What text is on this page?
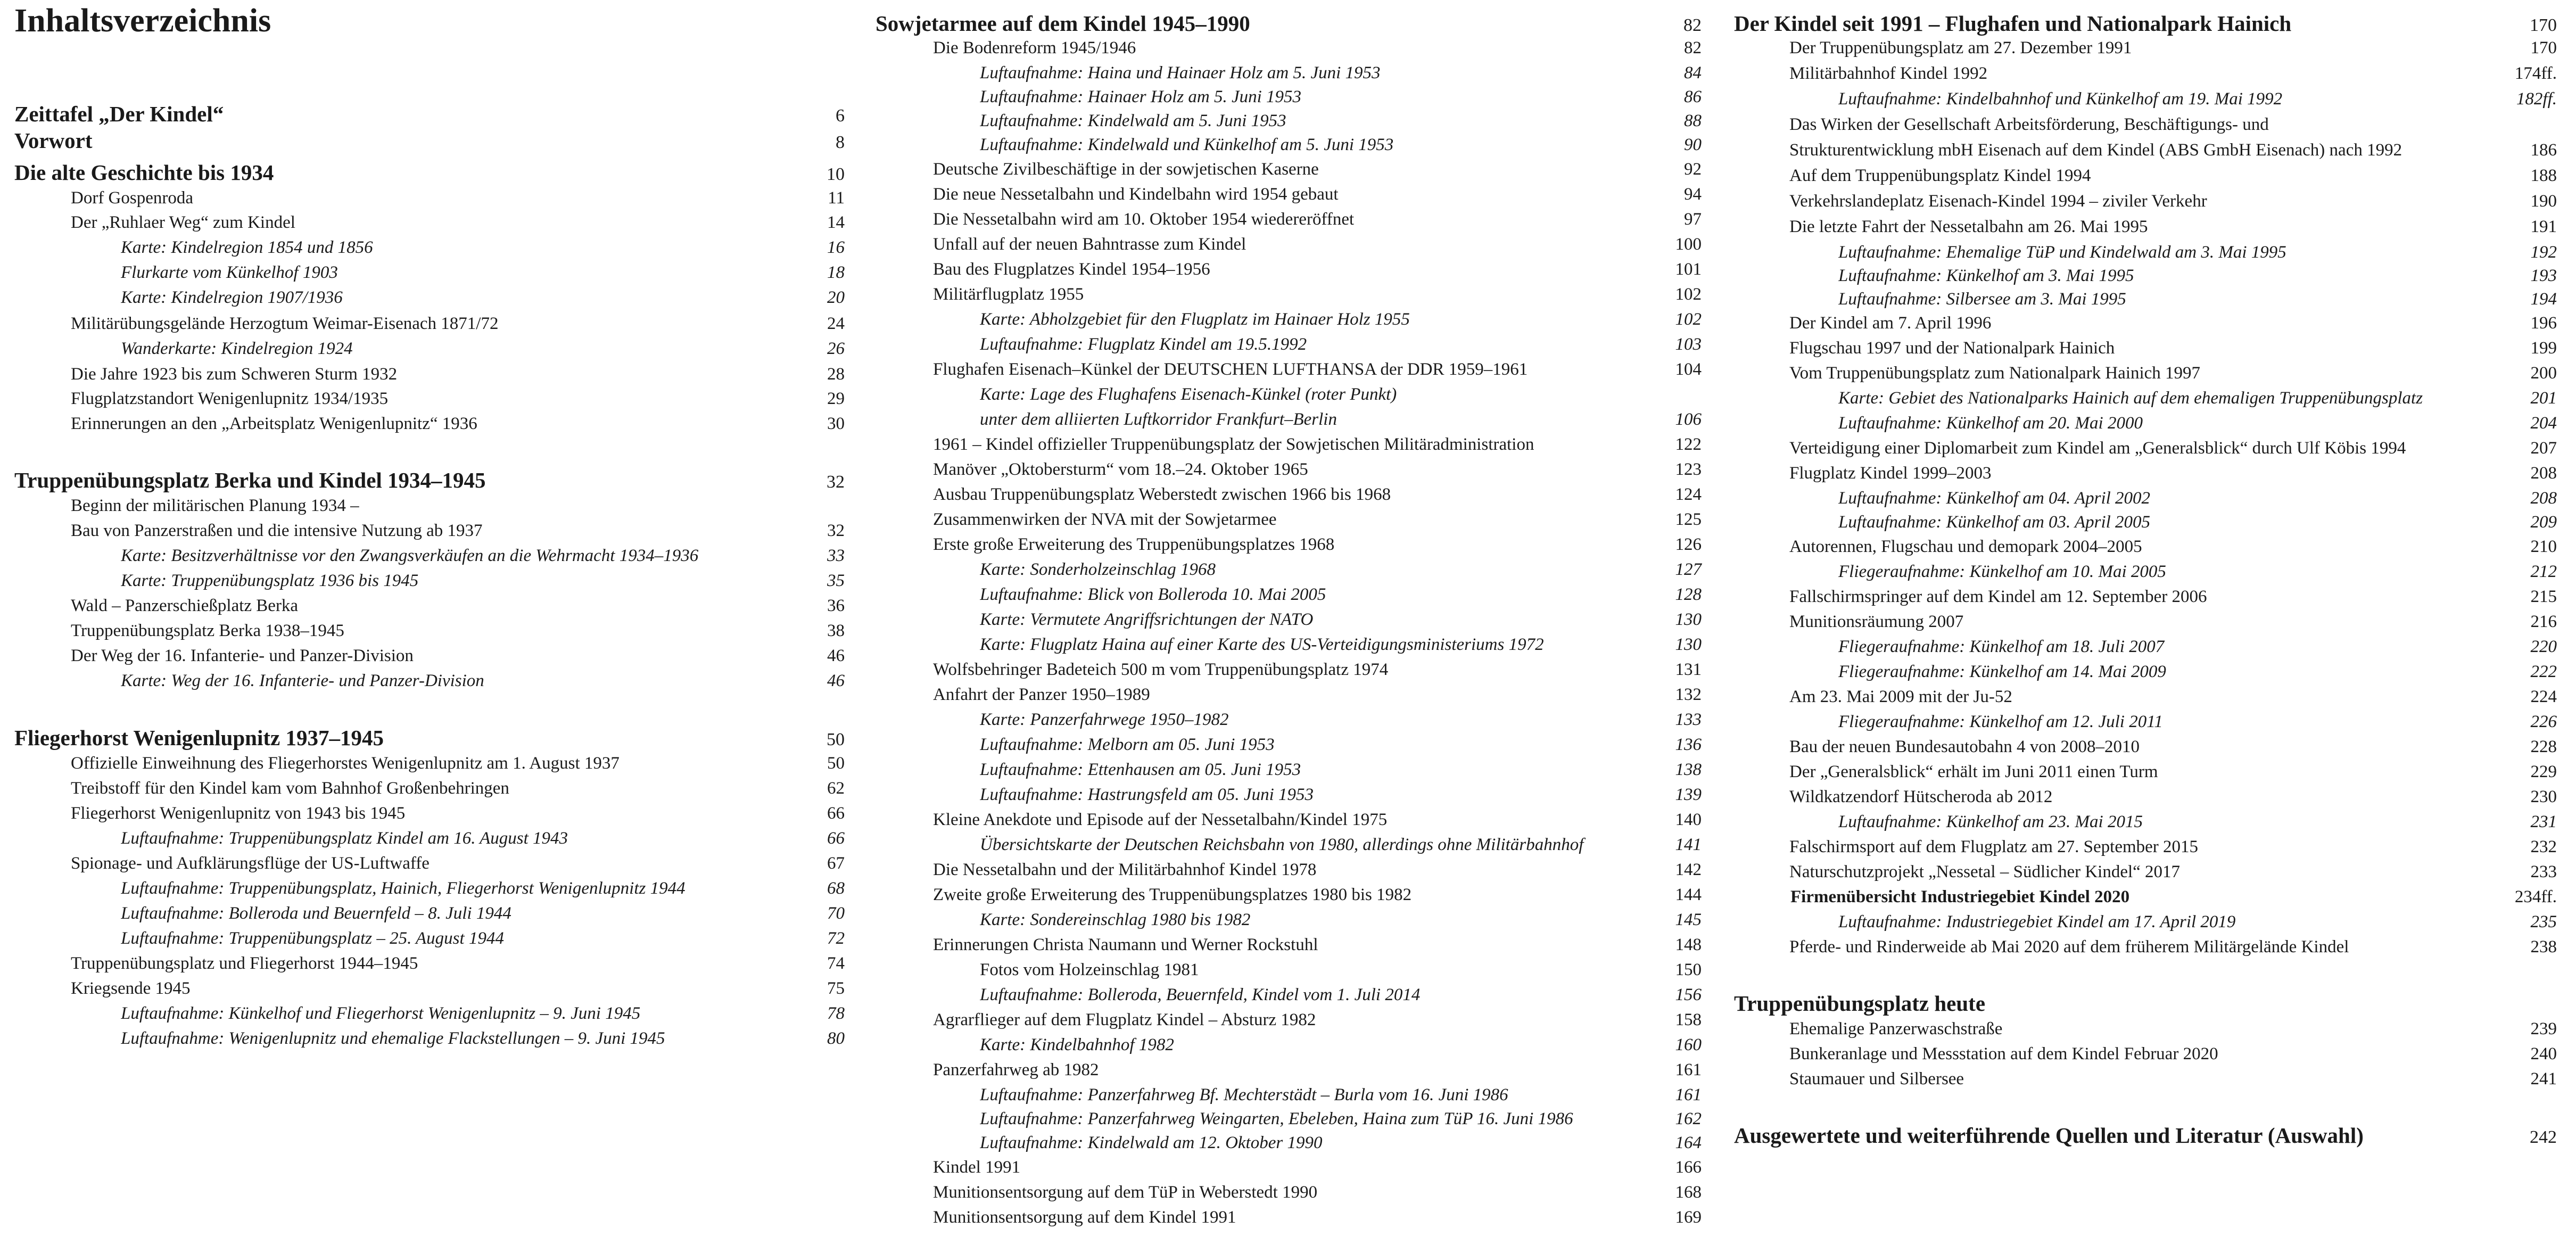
Inhaltsverzeichnis
Zeittafel „Der Kindel“	6
Vorwort	8
Die alte Geschichte bis 1934	10
Dorf Gospenroda	11
Der „Ruhlaer Weg“ zum Kindel	14
Karte: Kindelregion 1854 und 1856	16
Flurkarte vom Künkelhof 1903	18
Karte: Kindelregion 1907/1936	20
Militärübungsgelände Herzogtum Weimar-Eisenach 1871/72	24
Wanderkarte: Kindelregion 1924	26
Die Jahre 1923 bis zum Schweren Sturm 1932	28
Flugplatzstandort Wenigenlupnitz 1934/1935	29
Erinnerungen an den „Arbeitsplatz Wenigenlupnitz“ 1936	30
Truppenübungsplatz Berka und Kindel 1934–1945	32
Beginn der militärischen Planung 1934 –
Bau von Panzerstraßen und die intensive Nutzung ab 1937	32
Karte: Besitzverhältnisse vor den Zwangsverkäufen an die Wehrmacht 1934–1936	33
Karte: Truppenübungsplatz 1936 bis 1945	35
Wald – Panzerschießplatz Berka	36
Truppenübungsplatz Berka 1938–1945	38
Der Weg der 16. Infanterie- und Panzer-Division	46
Karte: Weg der 16. Infanterie- und Panzer-Division	46
Fliegerhorst Wenigenlupnitz 1937–1945	50
Offizielle Einweihnung des Fliegerhorstes Wenigenlupnitz am 1. August 1937	50
Treibstoff für den Kindel kam vom Bahnhof Großenbehringen	62
Fliegerhorst Wenigenlupnitz von 1943 bis 1945	66
Luftaufnahme: Truppenübungsplatz Kindel am 16. August 1943	66
Spionage- und Aufklärungsflüge der US-Luftwaffe	67
Luftaufnahme: Truppenübungsplatz, Hainich, Fliegerhorst Wenigenlupnitz 1944	68
Luftaufnahme: Bolleroda und Beuernfeld – 8. Juli 1944	70
Luftaufnahme: Truppenübungsplatz – 25. August 1944	72
Truppenübungsplatz und Fliegerhorst 1944–1945	74
Kriegsende 1945	75
Luftaufnahme: Künkelhof und Fliegerhorst Wenigenlupnitz – 9. Juni 1945	78
Luftaufnahme: Wenigenlupnitz und ehemalige Flackstellungen – 9. Juni 1945	80
Sowjetarmee auf dem Kindel 1945–1990	82
Die Bodenreform 1945/1946	82
Luftaufnahme: Haina und Hainaer Holz am 5. Juni 1953	84
Luftaufnahme: Hainaer Holz am 5. Juni 1953	86
Luftaufnahme: Kindelwald am 5. Juni 1953	88
Luftaufnahme: Kindelwald und Künkelhof am 5. Juni 1953	90
Deutsche Zivilbeschäftige in der sowjetischen Kaserne	92
Die neue Nessetalbahn und Kindelbahn wird 1954 gebaut	94
Die Nessetalbahn wird am 10. Oktober 1954 wiedereröffnet	97
Unfall auf der neuen Bahntrasse zum Kindel	100
Bau des Flugplatzes Kindel 1954–1956	101
Militärflugplatz 1955	102
Karte: Abholzgebiet für den Flugplatz im Hainaer Holz 1955	102
Luftaufnahme: Flugplatz Kindel am 19.5.1992	103
Flughafen Eisenach–Künkel der DEUTSCHEN LUFTHANSA der DDR 1959–1961	104
Karte: Lage des Flughafens Eisenach-Künkel (roter Punkt)
unter dem alliierten Luftkorridor Frankfurt–Berlin	106
1961 – Kindel offizieller Truppenübungsplatz der Sowjetischen Militäradministration	122
Manöver „Oktobersturm“ vom 18.–24. Oktober 1965	123
Ausbau Truppenübungsplatz Weberstedt zwischen 1966 bis 1968	124
Zusammenwirken der NVA mit der Sowjetarmee	125
Erste große Erweiterung des Truppenübungsplatzes 1968	126
Karte: Sonderholzeinschlag 1968	127
Luftaufnahme: Blick von Bolleroda 10. Mai 2005	128
Karte: Vermutete Angriffsrichtungen der NATO	130
Karte: Flugplatz Haina auf einer Karte des US-Verteidigungsministeriums 1972	130
Wolfsbehringer Badeteich 500 m vom Truppenübungsplatz 1974	131
Anfahrt der Panzer 1950–1989	132
Karte: Panzerfahrwege 1950–1982	133
Luftaufnahme: Melborn am 05. Juni 1953	136
Luftaufnahme: Ettenhausen am 05. Juni 1953	138
Luftaufnahme: Hastrungsfeld am 05. Juni 1953	139
Kleine Anekdote und Episode auf der Nessetalbahn/Kindel 1975	140
Übersichtskarte der Deutschen Reichsbahn von 1980, allerdings ohne Militärbahnhof	141
Die Nessetalbahn und der Militärbahnhof Kindel 1978	142
Zweite große Erweiterung des Truppenübungsplatzes 1980 bis 1982	144
Karte: Sondereinschlag 1980 bis 1982	145
Erinnerungen Christa Naumann und Werner Rockstuhl	148
Fotos vom Holzeinschlag 1981	150
Luftaufnahme: Bolleroda, Beuernfeld, Kindel vom 1. Juli 2014	156
Agrarflieger auf dem Flugplatz Kindel – Absturz 1982	158
Karte: Kindelbahnhof 1982	160
Panzerfahrweg ab 1982	161
Luftaufnahme: Panzerfahrweg Bf. Mechterstädt – Burla vom 16. Juni 1986	161
Luftaufnahme: Panzerfahrweg Weingarten, Ebeleben, Haina zum TüP 16. Juni 1986	162
Luftaufnahme: Kindelwald am 12. Oktober 1990	164
Kindel 1991	166
Munitionsentsorgung auf dem TüP in Weberstedt 1990	168
Munitionsentsorgung auf dem Kindel 1991	169
Der Kindel seit 1991 – Flughafen und Nationalpark Hainich	170
Der Truppenübungsplatz am 27. Dezember 1991	170
Militärbahnhof Kindel 1992	174ff.
Luftaufnahme: Kindelbahnhof und Künkelhof am 19. Mai 1992	182ff.
Das Wirken der Gesellschaft Arbeitsförderung, Beschäftigungs- und
Strukturentwicklung mbH Eisenach auf dem Kindel (ABS GmbH Eisenach) nach 1992	186
Auf dem Truppenübungsplatz Kindel 1994	188
Verkehrslandeplatz Eisenach-Kindel 1994 – ziviler Verkehr	190
Die letzte Fahrt der Nessetalbahn am 26. Mai 1995	191
Luftaufnahme: Ehemalige TüP und Kindelwald am 3. Mai 1995	192
Luftaufnahme: Künkelhof am 3. Mai 1995	193
Luftaufnahme: Silbersee am 3. Mai 1995	194
Der Kindel am 7. April 1996	196
Flugschau 1997 und der Nationalpark Hainich	199
Vom Truppenübungsplatz zum Nationalpark Hainich 1997	200
Karte: Gebiet des Nationalparks Hainich auf dem ehemaligen Truppenübungsplatz	201
Luftaufnahme: Künkelhof am 20. Mai 2000	204
Verteidigung einer Diplomarbeit zum Kindel am „Generalsblick“ durch Ulf Köbis 1994	207
Flugplatz Kindel 1999–2003	208
Luftaufnahme: Künkelhof am 04. April 2002	208
Luftaufnahme: Künkelhof am 03. April 2005	209
Autorennen, Flugschau und demopark 2004–2005	210
Fliegeraufnahme: Künkelhof am 10. Mai 2005	212
Fallschirmspringer auf dem Kindel am 12. September 2006	215
Munitionsräumung 2007	216
Fliegeraufnahme: Künkelhof am 18. Juli 2007	220
Fliegeraufnahme: Künkelhof am 14. Mai 2009	222
Am 23. Mai 2009 mit der Ju-52	224
Fliegeraufnahme: Künkelhof am 12. Juli 2011	226
Bau der neuen Bundesautobahn 4 von 2008–2010	228
Der „Generalsblick“ erhält im Juni 2011 einen Turm	229
Wildkatzendorf Hütscheroda ab 2012	230
Luftaufnahme: Künkelhof am 23. Mai 2015	231
Falschirmsport auf dem Flugplatz am 27. September 2015	232
Naturschutzprojekt „Nessetal – Südlicher Kindel“ 2017	233
Firmenübersicht Industriegebiet Kindel 2020	234ff.
Luftaufnahme: Industriegebiet Kindel am 17. April 2019	235
Pferde- und Rinderweide ab Mai 2020 auf dem früherem Militärgelände Kindel	238
Truppenübungsplatz heute
Ehemalige Panzerwaschstraße	239
Bunkeranlage und Messstation auf dem Kindel Februar 2020	240
Staumauer und Silbersee	241
Ausgewertete und weiterführende Quellen und Literatur (Auswahl)	242
